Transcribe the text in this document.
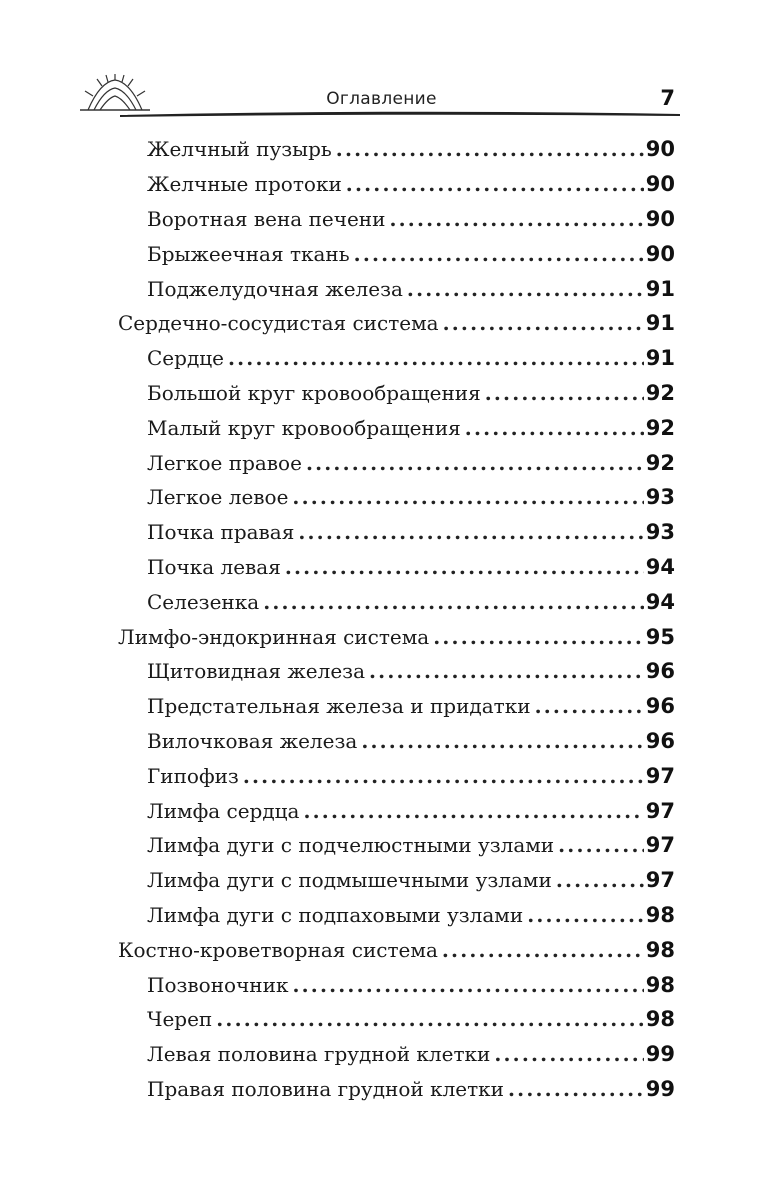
Оглавление	7
Желчный пузырь .....	90
Желчные протоки .....	90
Воротная вена печени .....	90
Брыжеечная ткань .....	90
Поджелудочная железа .....	91
Сердечно-сосудистая система .....	91
Сердце .....	91
Большой круг кровообращения .....	92
Малый круг кровообращения .....	92
Легкое правое .....	92
Легкое левое .....	93
Почка правая .....	93
Почка левая .....	94
Селезенка .....	94
Лимфо-эндокринная система .....	95
Щитовидная железа .....	96
Предстательная железа и придатки .....	96
Вилочковая железа .....	96
Гипофиз .....	97
Лимфа сердца .....	97
Лимфа дуги с подчелюстными узлами .....	97
Лимфа дуги с подмышечными узлами .....	97
Лимфа дуги с подпаховыми узлами .....	98
Костно-кроветворная система .....	98
Позвоночник .....	98
Череп .....	98
Левая половина грудной клетки .....	99
Правая половина грудной клетки .....	99
